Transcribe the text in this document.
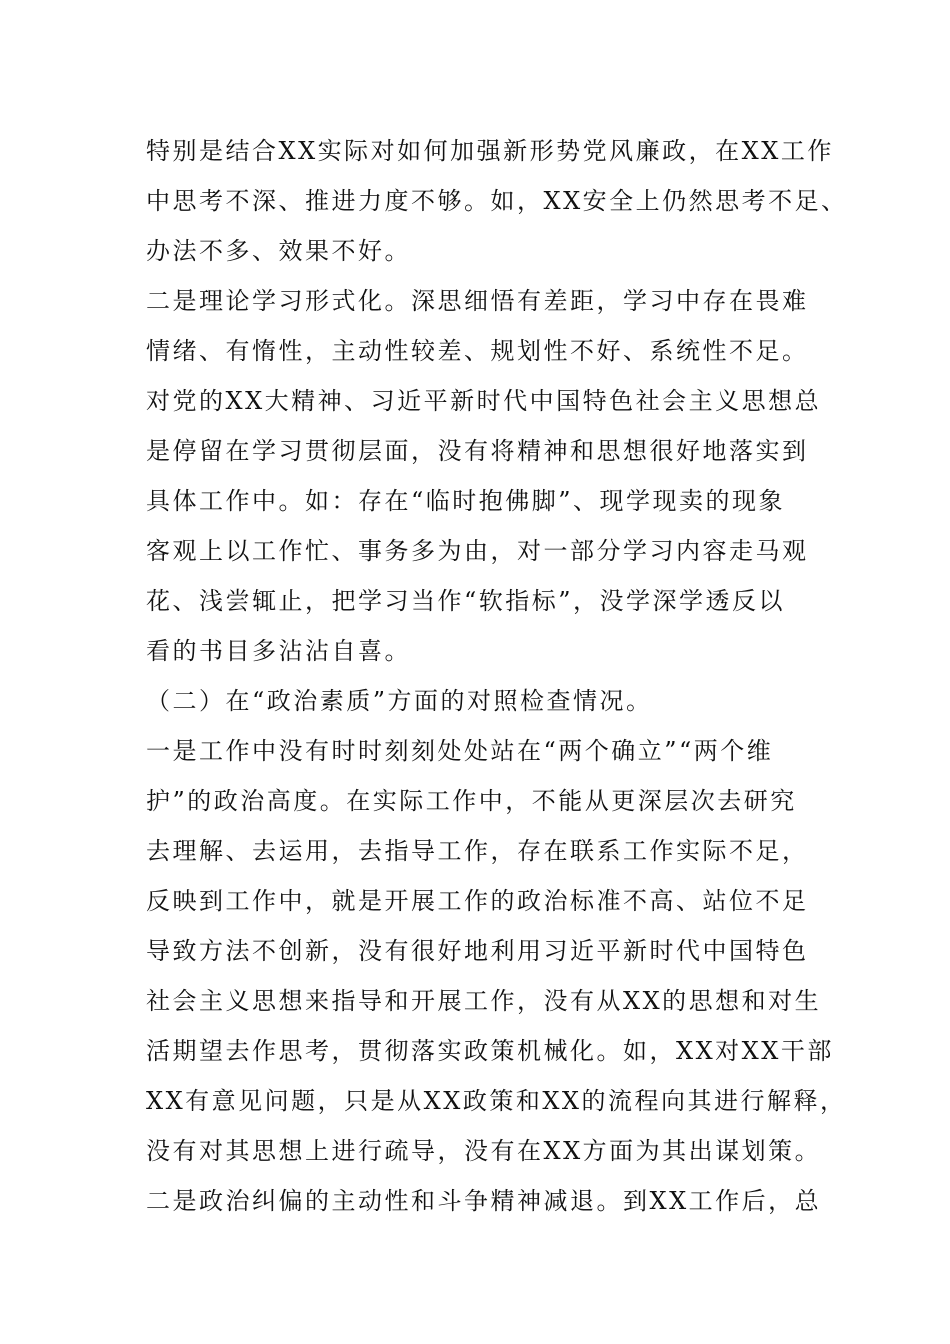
特别是结合XX实际对如何加强新形势党风廉政，在XX工作
中思考不深、推进力度不够。如，XX安全上仍然思考不足、
办法不多、效果不好。
二是理论学习形式化。深思细悟有差距，学习中存在畏难
情绪、有惰性，主动性较差、规划性不好、系统性不足。
对党的XX大精神、习近平新时代中国特色社会主义思想总
是停留在学习贯彻层面，没有将精神和思想很好地落实到
具体工作中。如：存在“临时抱佛脚”、现学现卖的现象
客观上以工作忙、事务多为由，对一部分学习内容走马观
花、浅尝辄止，把学习当作“软指标”，没学深学透反以
看的书目多沾沾自喜。
（二）在“政治素质”方面的对照检查情况。
一是工作中没有时时刻刻处处站在“两个确立”“两个维
护”的政治高度。在实际工作中，不能从更深层次去研究
去理解、去运用，去指导工作，存在联系工作实际不足，
反映到工作中，就是开展工作的政治标准不高、站位不足
导致方法不创新，没有很好地利用习近平新时代中国特色
社会主义思想来指导和开展工作，没有从XX的思想和对生
活期望去作思考，贯彻落实政策机械化。如，XX对XX干部
XX有意见问题，只是从XX政策和XX的流程向其进行解释，
没有对其思想上进行疏导，没有在XX方面为其出谋划策。
二是政治纠偏的主动性和斗争精神减退。到XX工作后，总
